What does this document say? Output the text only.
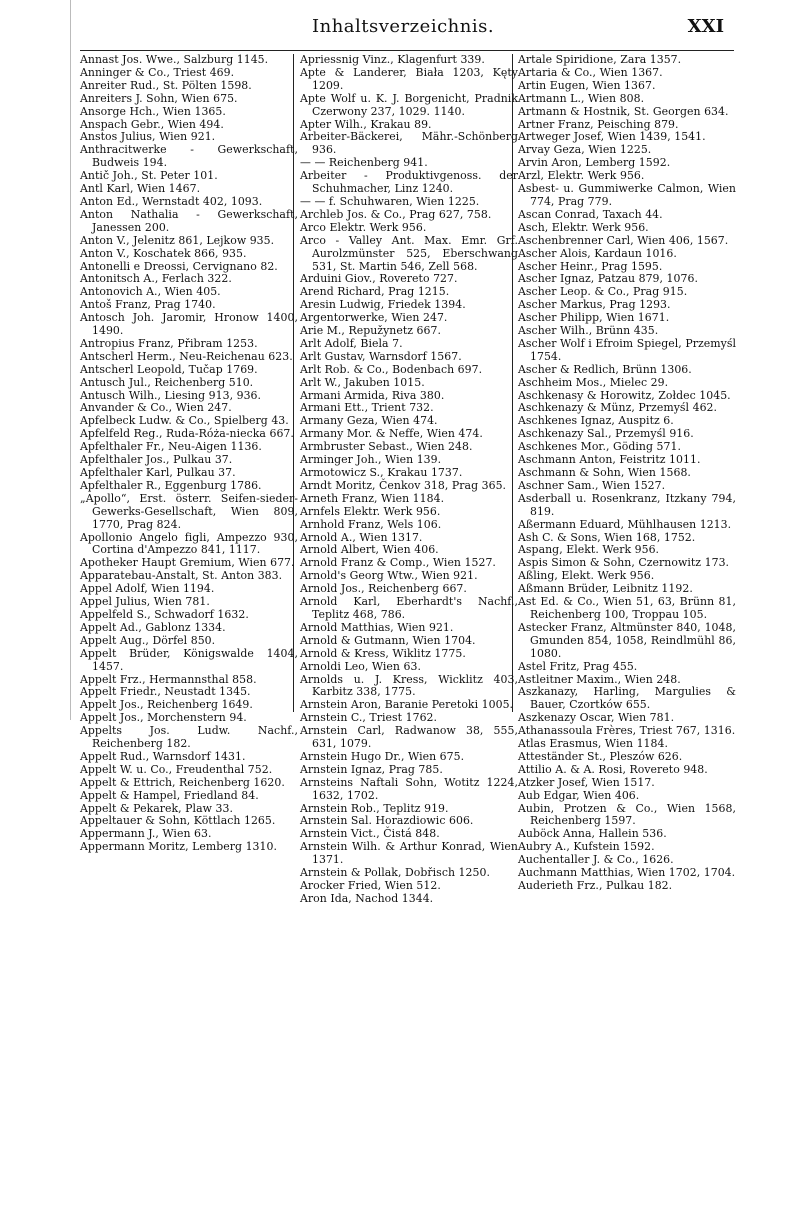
Inhaltsverzeichnis.	XXI
Annast Jos. Wwe., Salzburg 1145.
Anninger & Co., Triest 469.
Anreiter Rud., St. Pölten 1598.
Anreiters J. Sohn, Wien 675.
Ansorge Hch., Wien 1365.
Anspach Gebr., Wien 494.
Anstos Julius, Wien 921.
Anthracitwerke - Gewerkschaft, Budweis 194.
Antič Joh., St. Peter 101.
Antl Karl, Wien 1467.
Anton Ed., Wernstadt 402, 1093.
Anton Nathalia - Gewerkschaft, Janessen 200.
Anton V., Jelenitz 861, Lejkow 935.
Anton V., Koschatek 866, 935.
Antonelli e Dreossi, Cervignano 82.
Antonitsch A., Ferlach 322.
Antonovich A., Wien 405.
Antoš Franz, Prag 1740.
Antosch Joh. Jaromir, Hronow 1400, 1490.
Antropius Franz, Přibram 1253.
Antscherl Herm., Neu-Reichenau 623.
Antscherl Leopold, Tučap 1769.
Antusch Jul., Reichenberg 510.
Antusch Wilh., Liesing 913, 936.
Anvander & Co., Wien 247.
Apfelbeck Ludw. & Co., Spielberg 43.
Apfelfeld Reg., Ruda-Róża-niecka 667.
Apfelthaler Fr., Neu-Aigen 1136.
Apfelthaler Jos., Pulkau 37.
Apfelthaler Karl, Pulkau 37.
Apfelthaler R., Eggenburg 1786.
„Apollo“, Erst. österr. Seifen-sieder-Gewerks-Gesellschaft, Wien 809, 1770, Prag 824.
Apollonio Angelo figli, Ampezzo 930, Cortina d'Ampezzo 841, 1117.
Apotheker Haupt Gremium, Wien 677.
Apparatebau-Anstalt, St. Anton 383.
Appel Adolf, Wien 1194.
Appel Julius, Wien 781.
Appelfeld S., Schwadorf 1632.
Appelt Ad., Gablonz 1334.
Appelt Aug., Dörfel 850.
Appelt Brüder, Königswalde 1404, 1457.
Appelt Frz., Hermannsthal 858.
Appelt Friedr., Neustadt 1345.
Appelt Jos., Reichenberg 1649.
Appelt Jos., Morchenstern 94.
Appelts Jos. Ludw. Nachf., Reichenberg 182.
Appelt Rud., Warnsdorf 1431.
Appelt W. u. Co., Freudenthal 752.
Appelt & Ettrich, Reichenberg 1620.
Appelt & Hampel, Friedland 84.
Appelt & Pekarek, Plaw 33.
Appeltauer & Sohn, Köttlach 1265.
Appermann J., Wien 63.
Appermann Moritz, Lemberg 1310.
Apriessnig Vinz., Klagenfurt 339.
Apte & Landerer, Biała 1203, Kęty 1209.
Apte Wolf u. K. J. Borgenicht, Pradnik Czerwony 237, 1029. 1140.
Apter Wilh., Krakau 89.
Arbeiter-Bäckerei, Mähr.-Schönberg 936.
— — Reichenberg 941.
Arbeiter - Produktivgenoss. der Schuhmacher, Linz 1240.
— — f. Schuhwaren, Wien 1225.
Archleb Jos. & Co., Prag 627, 758.
Arco Elektr. Werk 956.
Arco - Valley Ant. Max. Emr. Grf. Aurolzmünster 525, Eberschwang 531, St. Martin 546, Zell 568.
Arduini Giov., Rovereto 727.
Arend Richard, Prag 1215.
Aresin Ludwig, Friedek 1394.
Argentorwerke, Wien 247.
Arie M., Repužynetz 667.
Arlt Adolf, Biela 7.
Arlt Gustav, Warnsdorf 1567.
Arlt Rob. & Co., Bodenbach 697.
Arlt W., Jakuben 1015.
Armani Armida, Riva 380.
Armani Ett., Trient 732.
Armany Geza, Wien 474.
Armany Mor. & Neffe, Wien 474.
Armbruster Sebast., Wien 248.
Arminger Joh., Wien 139.
Armotowicz S., Krakau 1737.
Arndt Moritz, Čenkov 318, Prag 365.
Arneth Franz, Wien 1184.
Arnfels Elektr. Werk 956.
Arnhold Franz, Wels 106.
Arnold A., Wien 1317.
Arnold Albert, Wien 406.
Arnold Franz & Comp., Wien 1527.
Arnold's Georg Wtw., Wien 921.
Arnold Jos., Reichenberg 667.
Arnold Karl, Eberhardt's Nachf., Teplitz 468, 786.
Arnold Matthias, Wien 921.
Arnold & Gutmann, Wien 1704.
Arnold & Kress, Wiklitz 1775.
Arnoldi Leo, Wien 63.
Arnolds u. J. Kress, Wicklitz 403, Karbitz 338, 1775.
Arnstein Aron, Baranie Peretoki 1005.
Arnstein C., Triest 1762.
Arnstein Carl, Radwanow 38, 555, 631, 1079.
Arnstein Hugo Dr., Wien 675.
Arnstein Ignaz, Prag 785.
Arnsteins Naftali Sohn, Wotitz 1224, 1632, 1702.
Arnstein Rob., Teplitz 919.
Arnstein Sal. Horazdiowic 606.
Arnstein Vict., Čistá 848.
Arnstein Wilh. & Arthur Konrad, Wien 1371.
Arnstein & Pollak, Dobřisch 1250.
Arocker Fried, Wien 512.
Aron Ida, Nachod 1344.
Artale Spiridione, Zara 1357.
Artaria & Co., Wien 1367.
Artin Eugen, Wien 1367.
Artmann L., Wien 808.
Artmann & Hostnik, St. Georgen 634.
Artner Franz, Peisching 879.
Artweger Josef, Wien 1439, 1541.
Arvay Geza, Wien 1225.
Arvin Aron, Lemberg 1592.
Arzl, Elektr. Werk 956.
Asbest- u. Gummiwerke Calmon, Wien 774, Prag 779.
Ascan Conrad, Taxach 44.
Asch, Elektr. Werk 956.
Aschenbrenner Carl, Wien 406, 1567.
Ascher Alois, Kardaun 1016.
Ascher Heinr., Prag 1595.
Ascher Ignaz, Patzau 879, 1076.
Ascher Leop. & Co., Prag 915.
Ascher Markus, Prag 1293.
Ascher Philipp, Wien 1671.
Ascher Wilh., Brünn 435.
Ascher Wolf i Efroim Spiegel, Przemyśl 1754.
Ascher & Redlich, Brünn 1306.
Aschheim Mos., Mielec 29.
Aschkenasy & Horowitz, Zołdec 1045.
Aschkenazy & Münz, Przemyśl 462.
Aschkenes Ignaz, Auspitz 6.
Aschkenazy Sal., Przemyśl 916.
Aschkenes Mor., Göding 571.
Aschmann Anton, Feistritz 1011.
Aschmann & Sohn, Wien 1568.
Aschner Sam., Wien 1527.
Asderball u. Rosenkranz, Itzkany 794, 819.
Aßermann Eduard, Mühlhausen 1213.
Ash C. & Sons, Wien 168, 1752.
Aspang, Elekt. Werk 956.
Aspis Simon & Sohn, Czernowitz 173.
Aßling, Elekt. Werk 956.
Aßmann Brüder, Leibnitz 1192.
Ast Ed. & Co., Wien 51, 63, Brünn 81, Reichenberg 100, Troppau 105.
Astecker Franz, Altmünster 840, 1048, Gmunden 854, 1058, Reindlmühl 86, 1080.
Astel Fritz, Prag 455.
Astleitner Maxim., Wien 248.
Aszkanazy, Harling, Margulies & Bauer, Czortków 655.
Aszkenazy Oscar, Wien 781.
Athanassoula Frères, Triest 767, 1316.
Atlas Erasmus, Wien 1184.
Atteständer St., Pleszów 626.
Attilio A. & A. Rosi, Rovereto 948.
Atzker Josef, Wien 1517.
Aub Edgar, Wien 406.
Aubin, Protzen & Co., Wien 1568, Reichenberg 1597.
Auböck Anna, Hallein 536.
Aubry A., Kufstein 1592.
Auchentaller J. & Co., 1626.
Auchmann Matthias, Wien 1702, 1704.
Auderieth Frz., Pulkau 182.
